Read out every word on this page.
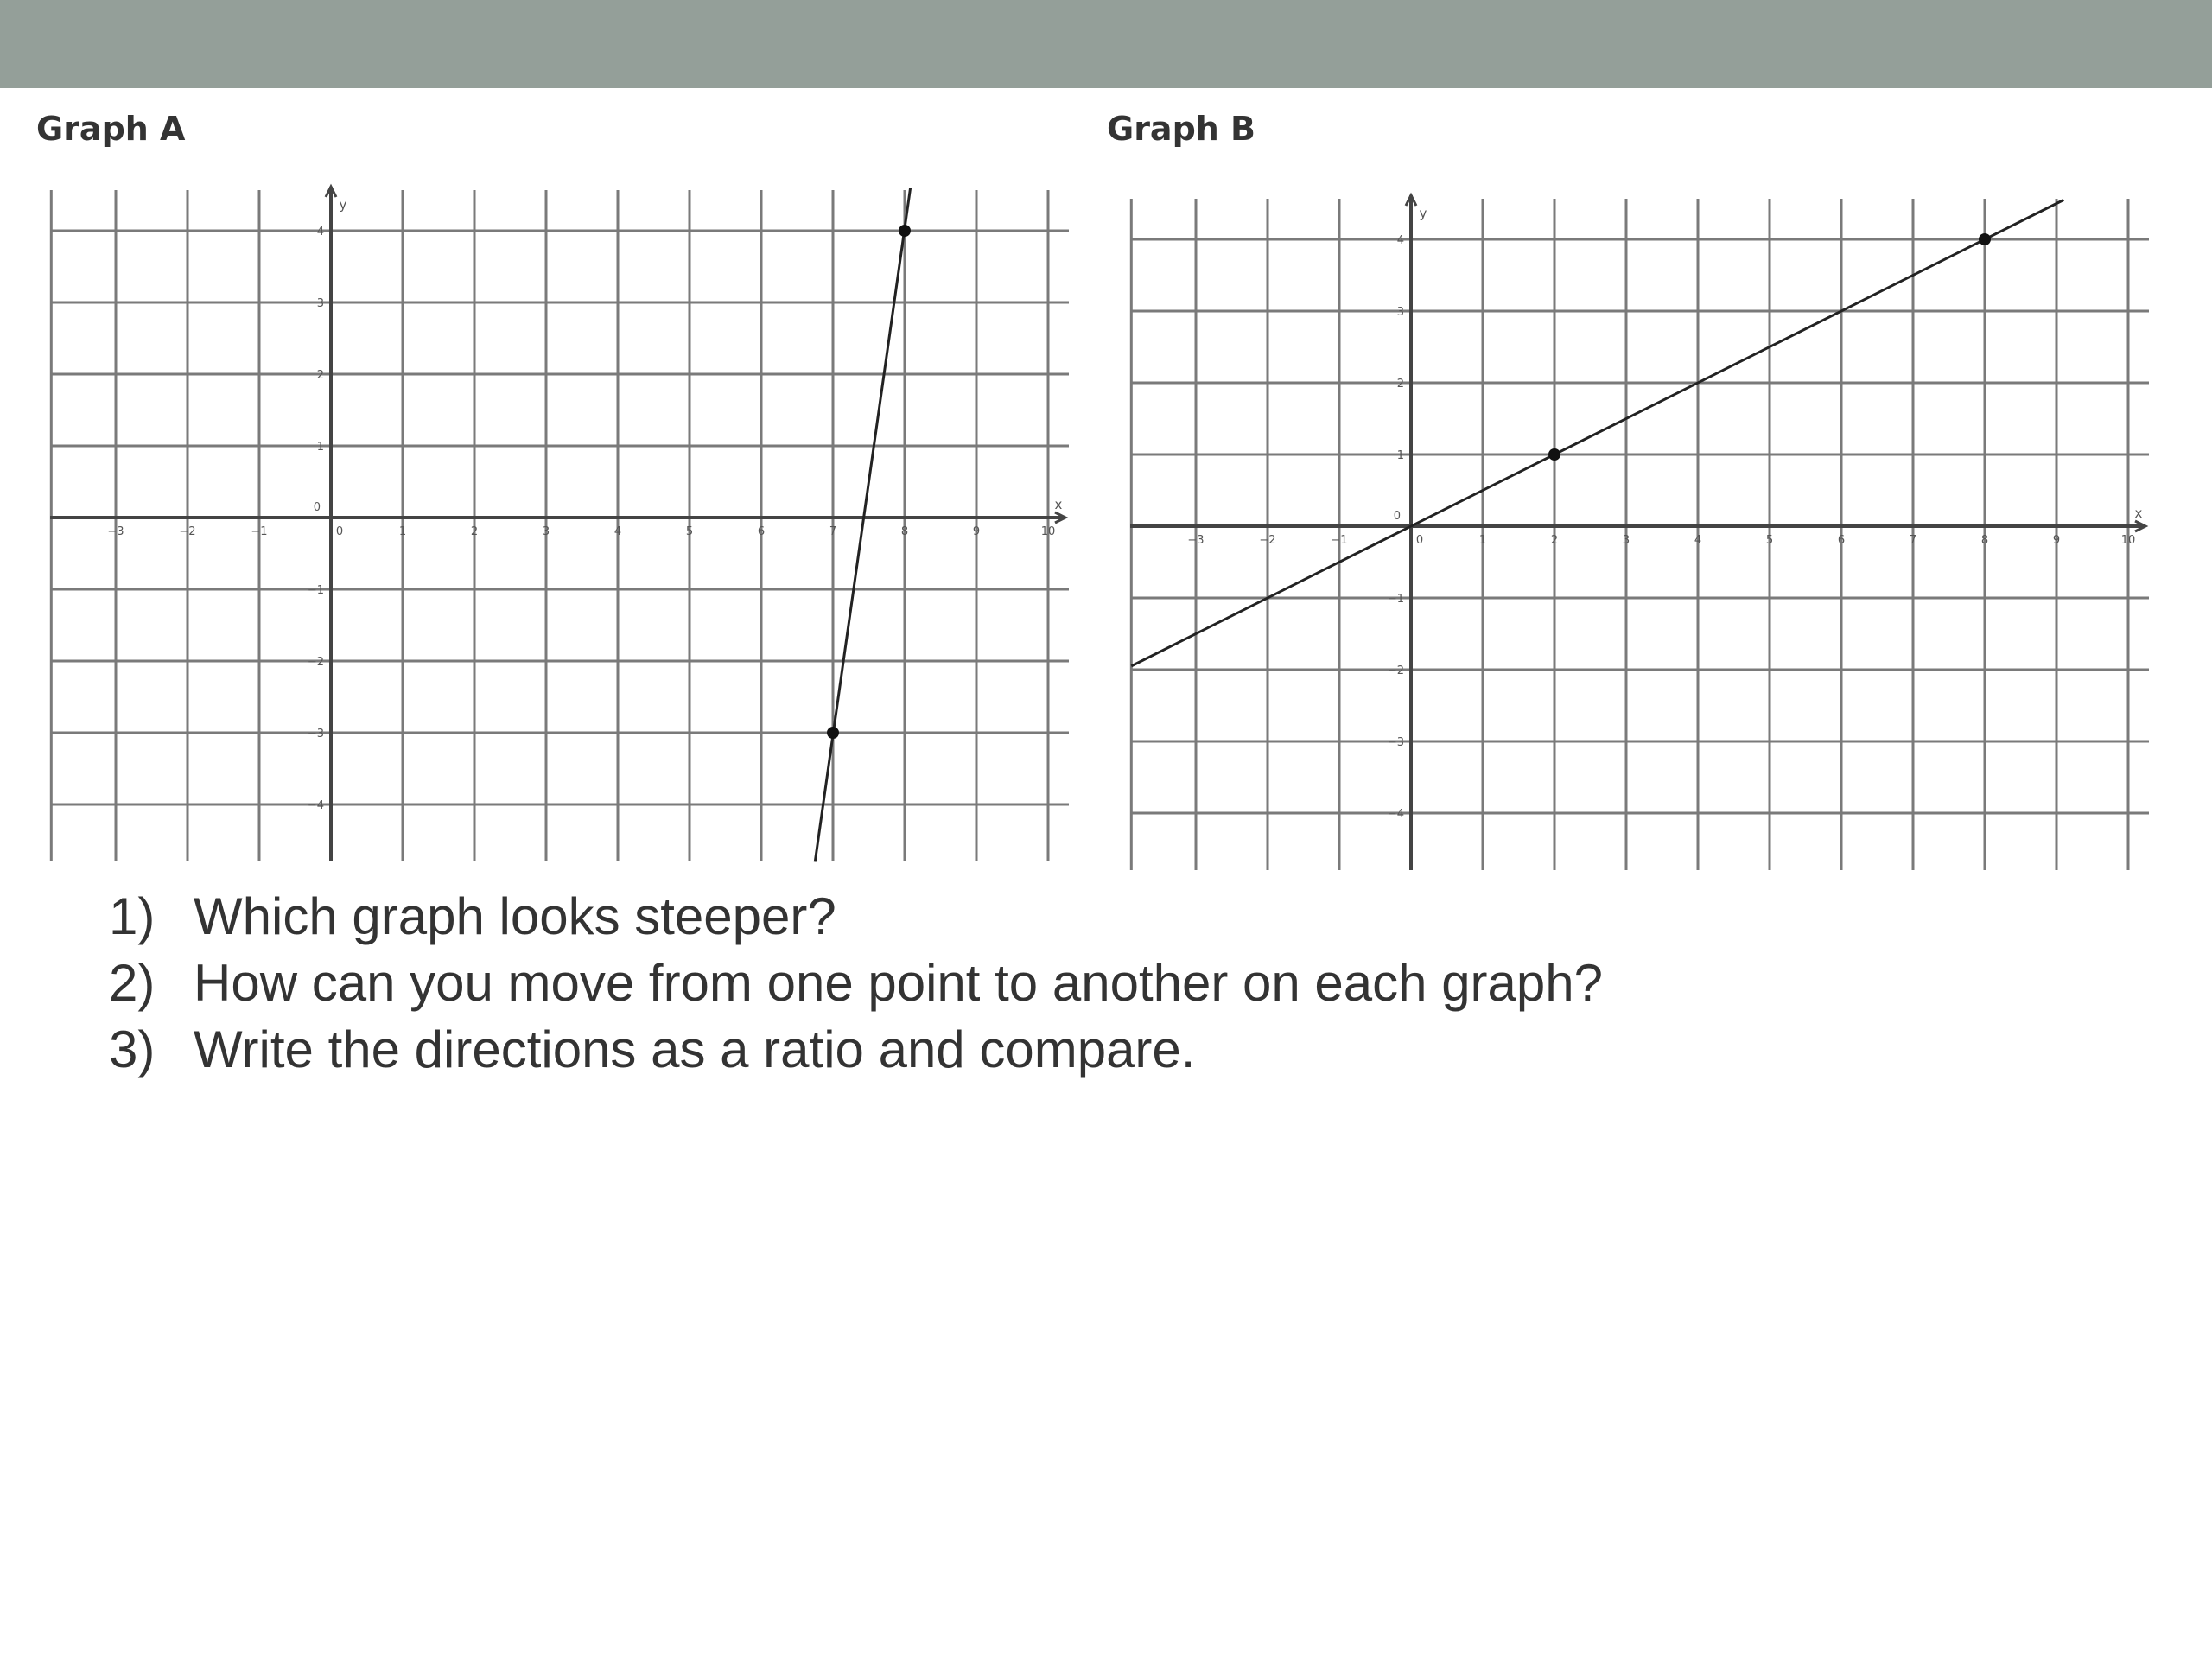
Graph A	Graph B
−3	−2	−1	0	1	2	3	4	5	6	7	8	9	10
−4
−3
−2
−1
0
1
2
3
4
x
y
−3	−2	−1	0	1	2	3	4	5	6	7	8	9	10
−4
−3
−2
−1
0
1
2
3
4
x
y
1) Which graph looks steeper?
2) How can you move from one point to another on each graph?
3) Write the directions as a ratio and compare.
